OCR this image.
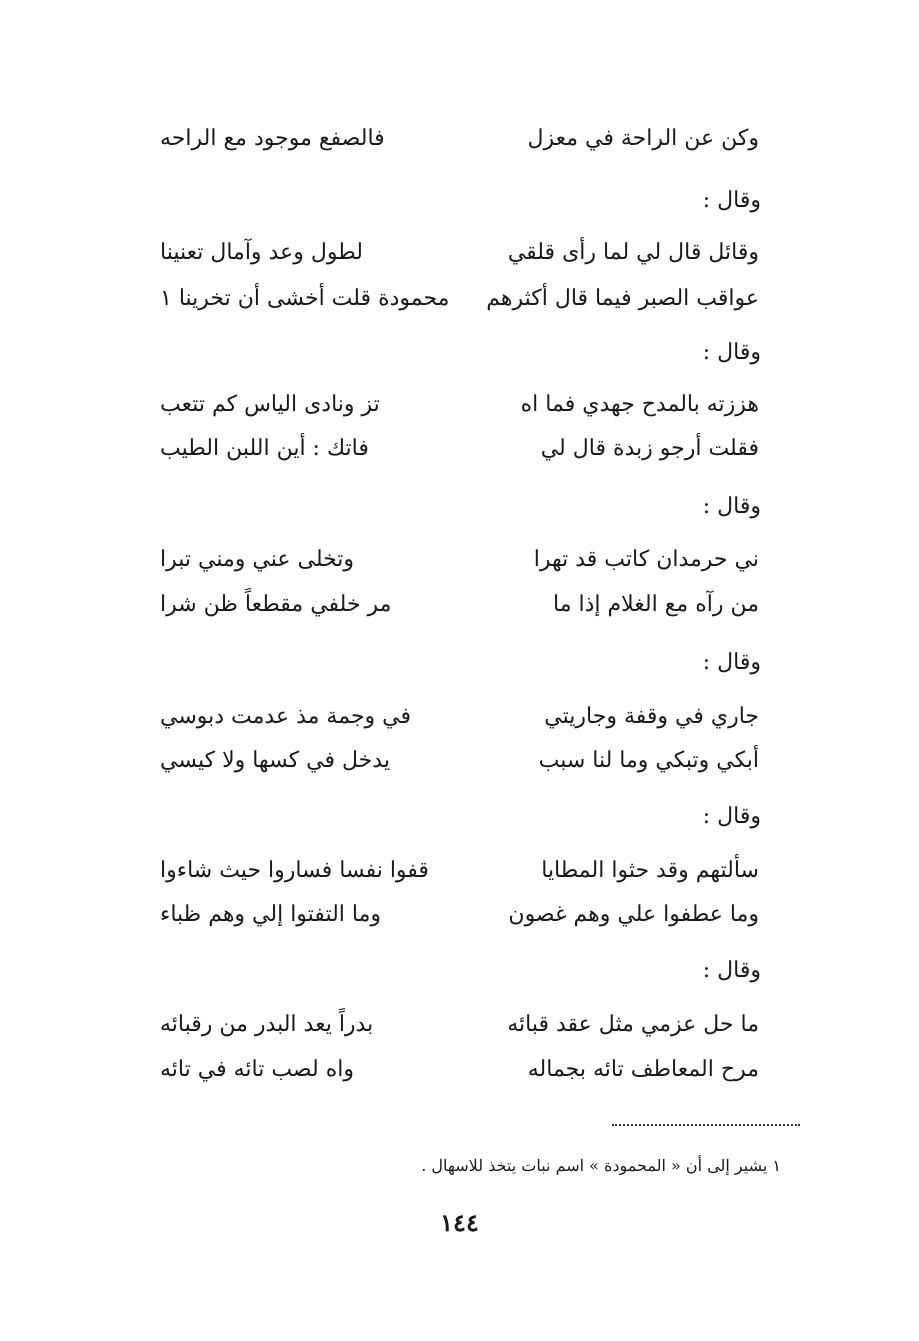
وكن عن الراحة في معزل
فالصفع موجود مع الراحه
وقال :
وقائل قال لي لما رأى قلقي
لطول وعد وآمال تعنينا
عواقب الصبر فيما قال أكثرهم
محمودة قلت أخشى أن تخرينا ١
وقال :
هززته بالمدح جهدي فما اه
تز ونادى الياس كم تتعب
فقلت أرجو زبدة قال لي
فاتك : أين اللبن الطيب
وقال :
ني حرمدان كاتب قد تهرا
وتخلى عني ومني تبرا
من رآه مع الغلام إذا ما
مر خلفي مقطعاً ظن شرا
وقال :
جاري في وقفة وجاريتي
في وجمة مذ عدمت دبوسي
أبكي وتبكي وما لنا سبب
يدخل في كسها ولا كيسي
وقال :
سألتهم وقد حثوا المطايا
قفوا نفسا فساروا حيث شاءوا
وما عطفوا علي وهم غصون
وما التفتوا إلي وهم ظباء
وقال :
ما حل عزمي مثل عقد قبائه
بدراً يعد البدر من رقبائه
مرح المعاطف تائه بجماله
واه لصب تائه في تائه
١ يشير إلى أن « المحمودة » اسم نبات يتخذ للاسهال .
١٤٤
